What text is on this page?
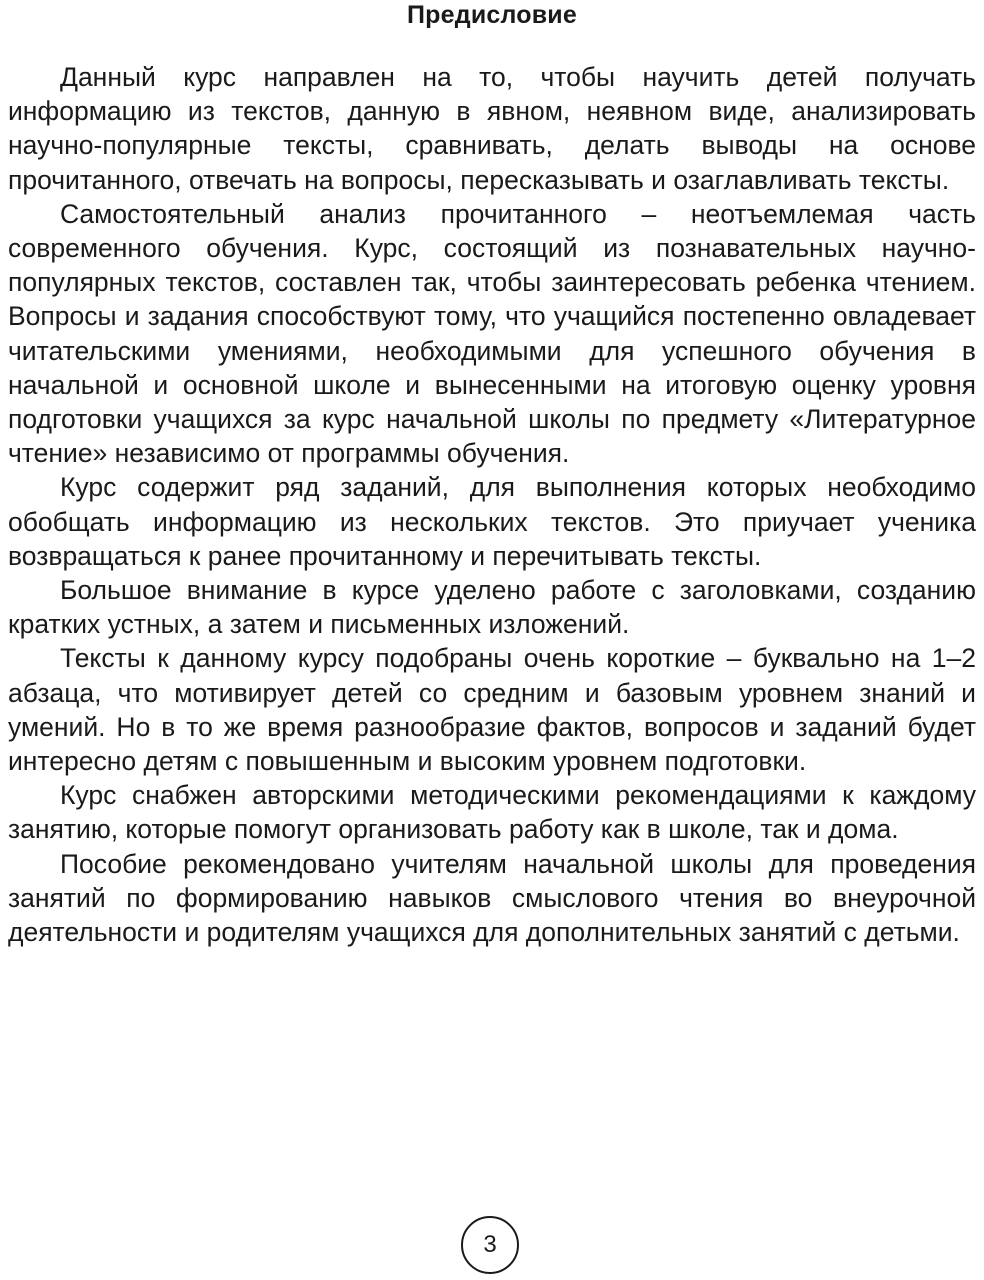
Предисловие

Данный курс направлен на то, чтобы научить детей получать информацию из текстов, данную в явном, неявном виде, анализировать научно-популярные тексты, сравнивать, делать выводы на основе прочитанного, отвечать на вопросы, пересказывать и озаглавливать тексты.

Самостоятельный анализ прочитанного – неотъемлемая часть современного обучения. Курс, состоящий из познавательных научно-популярных текстов, составлен так, чтобы заинтересовать ребенка чтением. Вопросы и задания способствуют тому, что учащийся постепенно овладевает читательскими умениями, необходимыми для успешного обучения в начальной и основной школе и вынесенными на итоговую оценку уровня подготовки учащихся за курс начальной школы по предмету «Литературное чтение» независимо от программы обучения.

Курс содержит ряд заданий, для выполнения которых необходимо обобщать информацию из нескольких текстов. Это приучает ученика возвращаться к ранее прочитанному и перечитывать тексты.

Большое внимание в курсе уделено работе с заголовками, созданию кратких устных, а затем и письменных изложений.

Тексты к данному курсу подобраны очень короткие – буквально на 1–2 абзаца, что мотивирует детей со средним и базовым уровнем знаний и умений. Но в то же время разнообразие фактов, вопросов и заданий будет интересно детям с повышенным и высоким уровнем подготовки.

Курс снабжен авторскими методическими рекомендациями к каждому занятию, которые помогут организовать работу как в школе, так и дома.

Пособие рекомендовано учителям начальной школы для проведения занятий по формированию навыков смыслового чтения во внеурочной деятельности и родителям учащихся для дополнительных занятий с детьми.

3
